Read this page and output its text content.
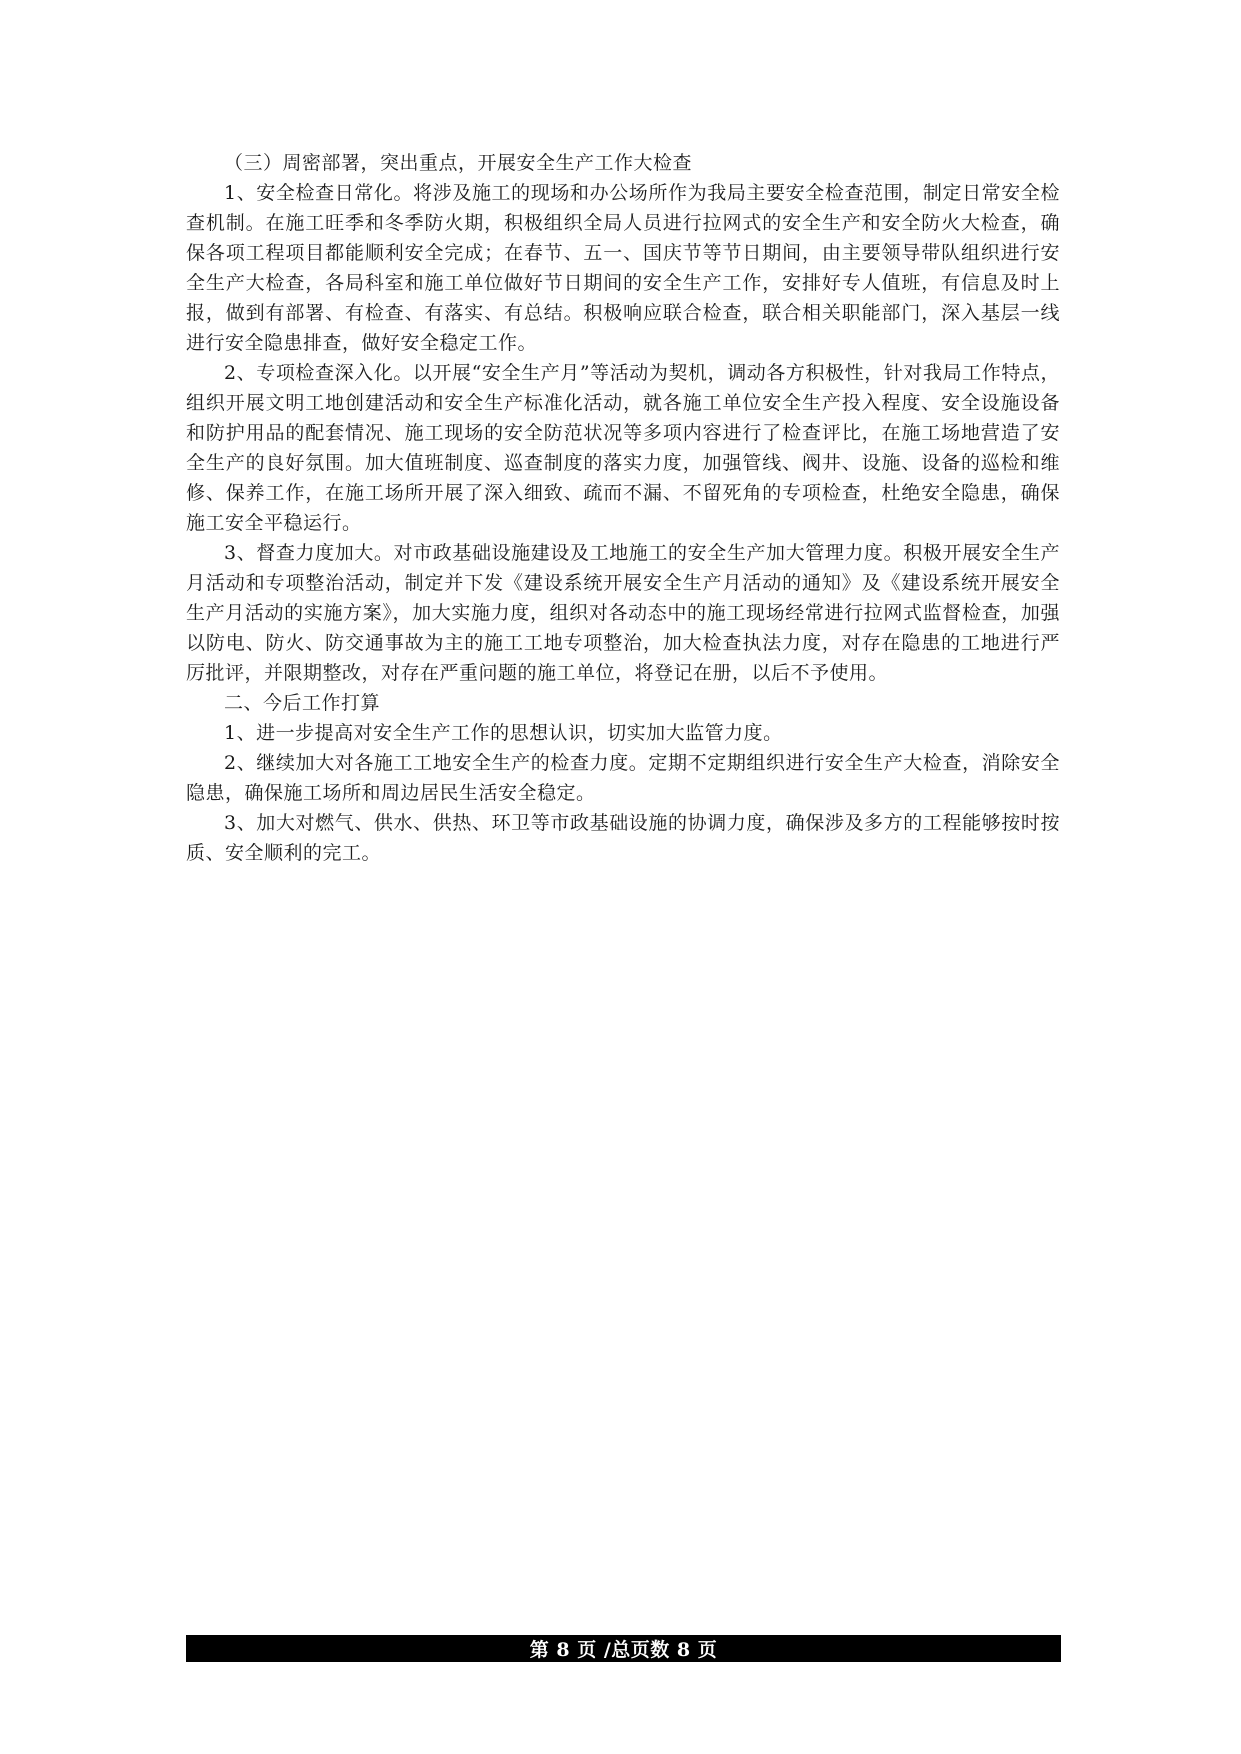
（三）周密部署，突出重点，开展安全生产工作大检查

1、安全检查日常化。将涉及施工的现场和办公场所作为我局主要安全检查范围，制定日常安全检查机制。在施工旺季和冬季防火期，积极组织全局人员进行拉网式的安全生产和安全防火大检查，确保各项工程项目都能顺利安全完成；在春节、五一、国庆节等节日期间，由主要领导带队组织进行安全生产大检查，各局科室和施工单位做好节日期间的安全生产工作，安排好专人值班，有信息及时上报，做到有部署、有检查、有落实、有总结。积极响应联合检查，联合相关职能部门，深入基层一线进行安全隐患排查，做好安全稳定工作。

2、专项检查深入化。以开展“安全生产月”等活动为契机，调动各方积极性，针对我局工作特点，组织开展文明工地创建活动和安全生产标准化活动，就各施工单位安全生产投入程度、安全设施设备和防护用品的配套情况、施工现场的安全防范状况等多项内容进行了检查评比，在施工场地营造了安全生产的良好氛围。加大值班制度、巡查制度的落实力度，加强管线、阀井、设施、设备的巡检和维修、保养工作，在施工场所开展了深入细致、疏而不漏、不留死角的专项检查，杜绝安全隐患，确保施工安全平稳运行。

3、督查力度加大。对市政基础设施建设及工地施工的安全生产加大管理力度。积极开展安全生产月活动和专项整治活动，制定并下发《建设系统开展安全生产月活动的通知》及《建设系统开展安全生产月活动的实施方案》，加大实施力度，组织对各动态中的施工现场经常进行拉网式监督检查，加强以防电、防火、防交通事故为主的施工工地专项整治，加大检查执法力度，对存在隐患的工地进行严厉批评，并限期整改，对存在严重问题的施工单位，将登记在册，以后不予使用。

二、今后工作打算

1、进一步提高对安全生产工作的思想认识，切实加大监管力度。

2、继续加大对各施工工地安全生产的检查力度。定期不定期组织进行安全生产大检查，消除安全隐患，确保施工场所和周边居民生活安全稳定。

3、加大对燃气、供水、供热、环卫等市政基础设施的协调力度，确保涉及多方的工程能够按时按质、安全顺利的完工。

第 8 页 /总页数 8 页
